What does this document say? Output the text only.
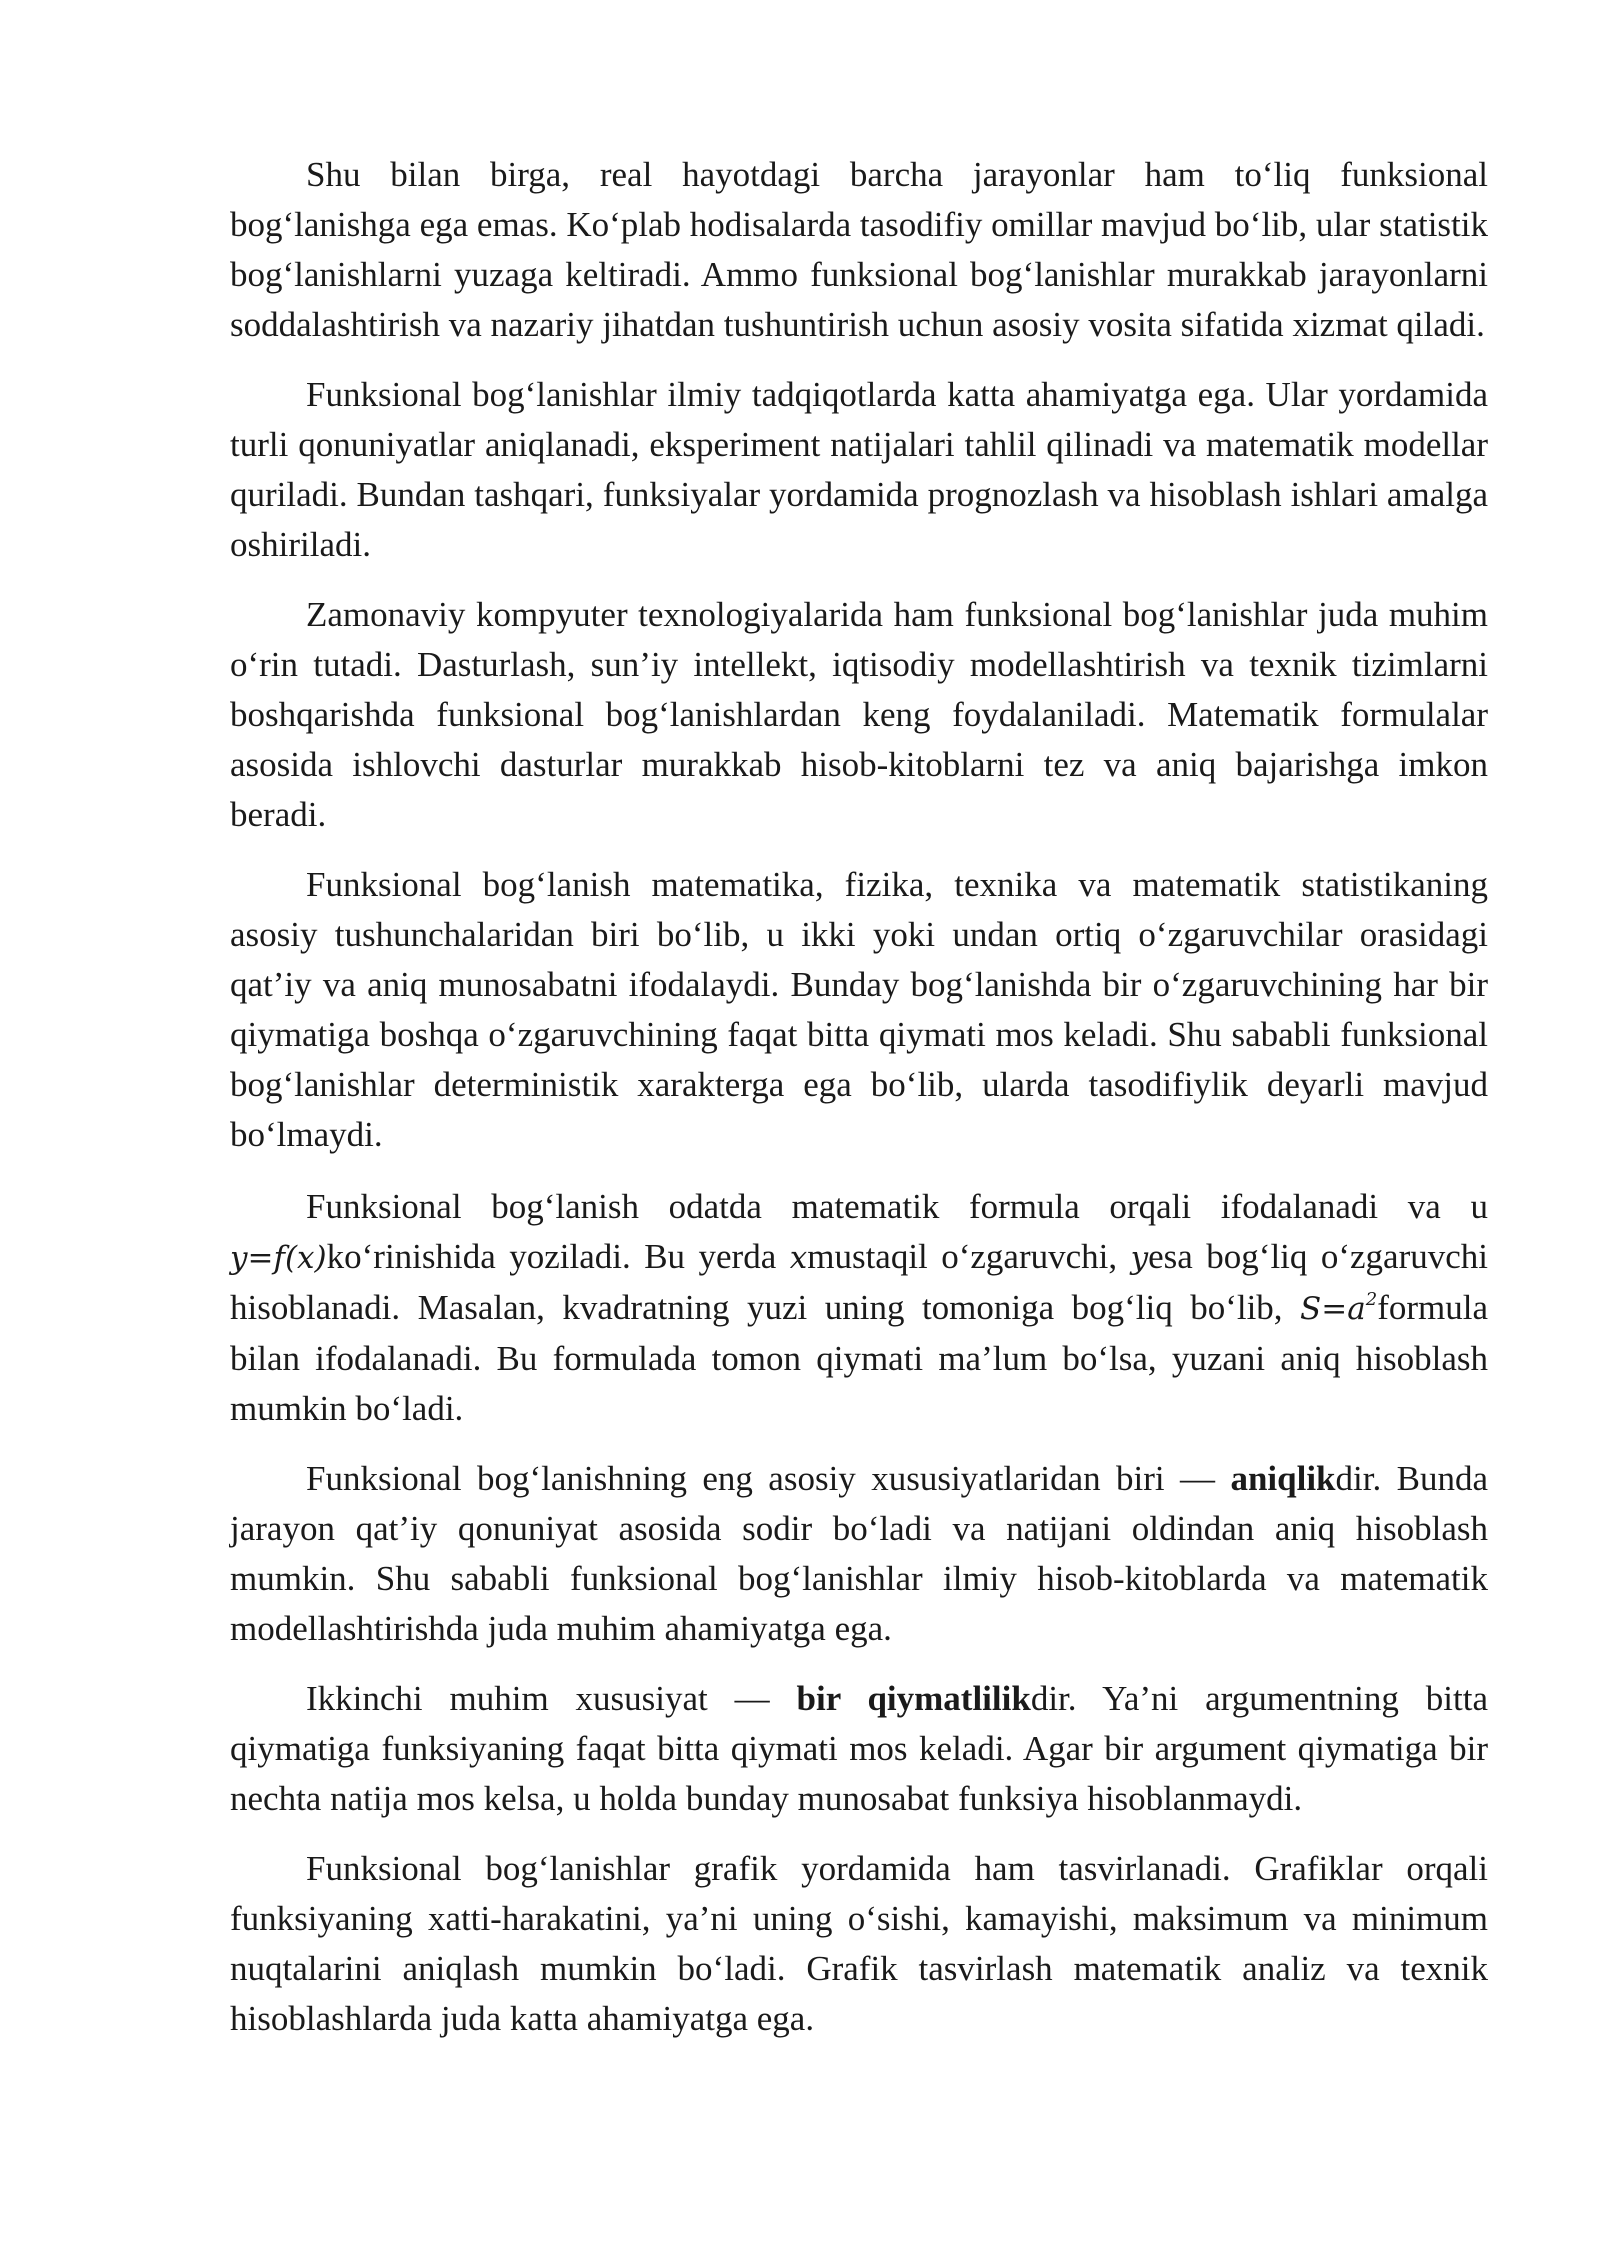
Shu bilan birga, real hayotdagi barcha jarayonlar ham to‘liq funksional bog‘lanishga ega emas. Ko‘plab hodisalarda tasodifiy omillar mavjud bo‘lib, ular statistik bog‘lanishlarni yuzaga keltiradi. Ammo funksional bog‘lanishlar murakkab jarayonlarni soddalashtirish va nazariy jihatdan tushuntirish uchun asosiy vosita sifatida xizmat qiladi.

Funksional bog‘lanishlar ilmiy tadqiqotlarda katta ahamiyatga ega. Ular yordamida turli qonuniyatlar aniqlanadi, eksperiment natijalari tahlil qilinadi va matematik modellar quriladi. Bundan tashqari, funksiyalar yordamida prognozlash va hisoblash ishlari amalga oshiriladi.

Zamonaviy kompyuter texnologiyalarida ham funksional bog‘lanishlar juda muhim o‘rin tutadi. Dasturlash, sun’iy intellekt, iqtisodiy modellashtirish va texnik tizimlarni boshqarishda funksional bog‘lanishlardan keng foydalaniladi. Matematik formulalar asosida ishlovchi dasturlar murakkab hisob-kitoblarni tez va aniq bajarishga imkon beradi.

Funksional bog‘lanish matematika, fizika, texnika va matematik statistikaning asosiy tushunchalaridan biri bo‘lib, u ikki yoki undan ortiq o‘zgaruvchilar orasidagi qat’iy va aniq munosabatni ifodalaydi. Bunday bog‘lanishda bir o‘zgaruvchining har bir qiymatiga boshqa o‘zgaruvchining faqat bitta qiymati mos keladi. Shu sababli funksional bog‘lanishlar deterministik xarakterga ega bo‘lib, ularda tasodifiylik deyarli mavjud bo‘lmaydi.

Funksional bog‘lanish odatda matematik formula orqali ifodalanadi va u y=f(x)ko‘rinishida yoziladi. Bu yerda xmustaqil o‘zgaruvchi, yesa bog‘liq o‘zgaruvchi hisoblanadi. Masalan, kvadratning yuzi uning tomoniga bog‘liq bo‘lib, $S=a^2formula$ bilan ifodalanadi. Bu formulada tomon qiymati ma’lum bo‘lsa, yuzani aniq hisoblash mumkin bo‘ladi.

Funksional bog‘lanishning eng asosiy xususiyatlaridan biri — aniqlikdir. Bunda jarayon qat’iy qonuniyat asosida sodir bo‘ladi va natijani oldindan aniq hisoblash mumkin. Shu sababli funksional bog‘lanishlar ilmiy hisob-kitoblarda va matematik modellashtirishda juda muhim ahamiyatga ega.

Ikkinchi muhim xususiyat — bir qiymatlilikdir. Ya’ni argumentning bitta qiymatiga funksiyaning faqat bitta qiymati mos keladi. Agar bir argument qiymatiga bir nechta natija mos kelsa, u holda bunday munosabat funksiya hisoblanmaydi.

Funksional bog‘lanishlar grafik yordamida ham tasvirlanadi. Grafiklar orqali funksiyaning xatti-harakatini, ya’ni uning o‘sishi, kamayishi, maksimum va minimum nuqtalarini aniqlash mumkin bo‘ladi. Grafik tasvirlash matematik analiz va texnik hisoblashlarda juda katta ahamiyatga ega.
